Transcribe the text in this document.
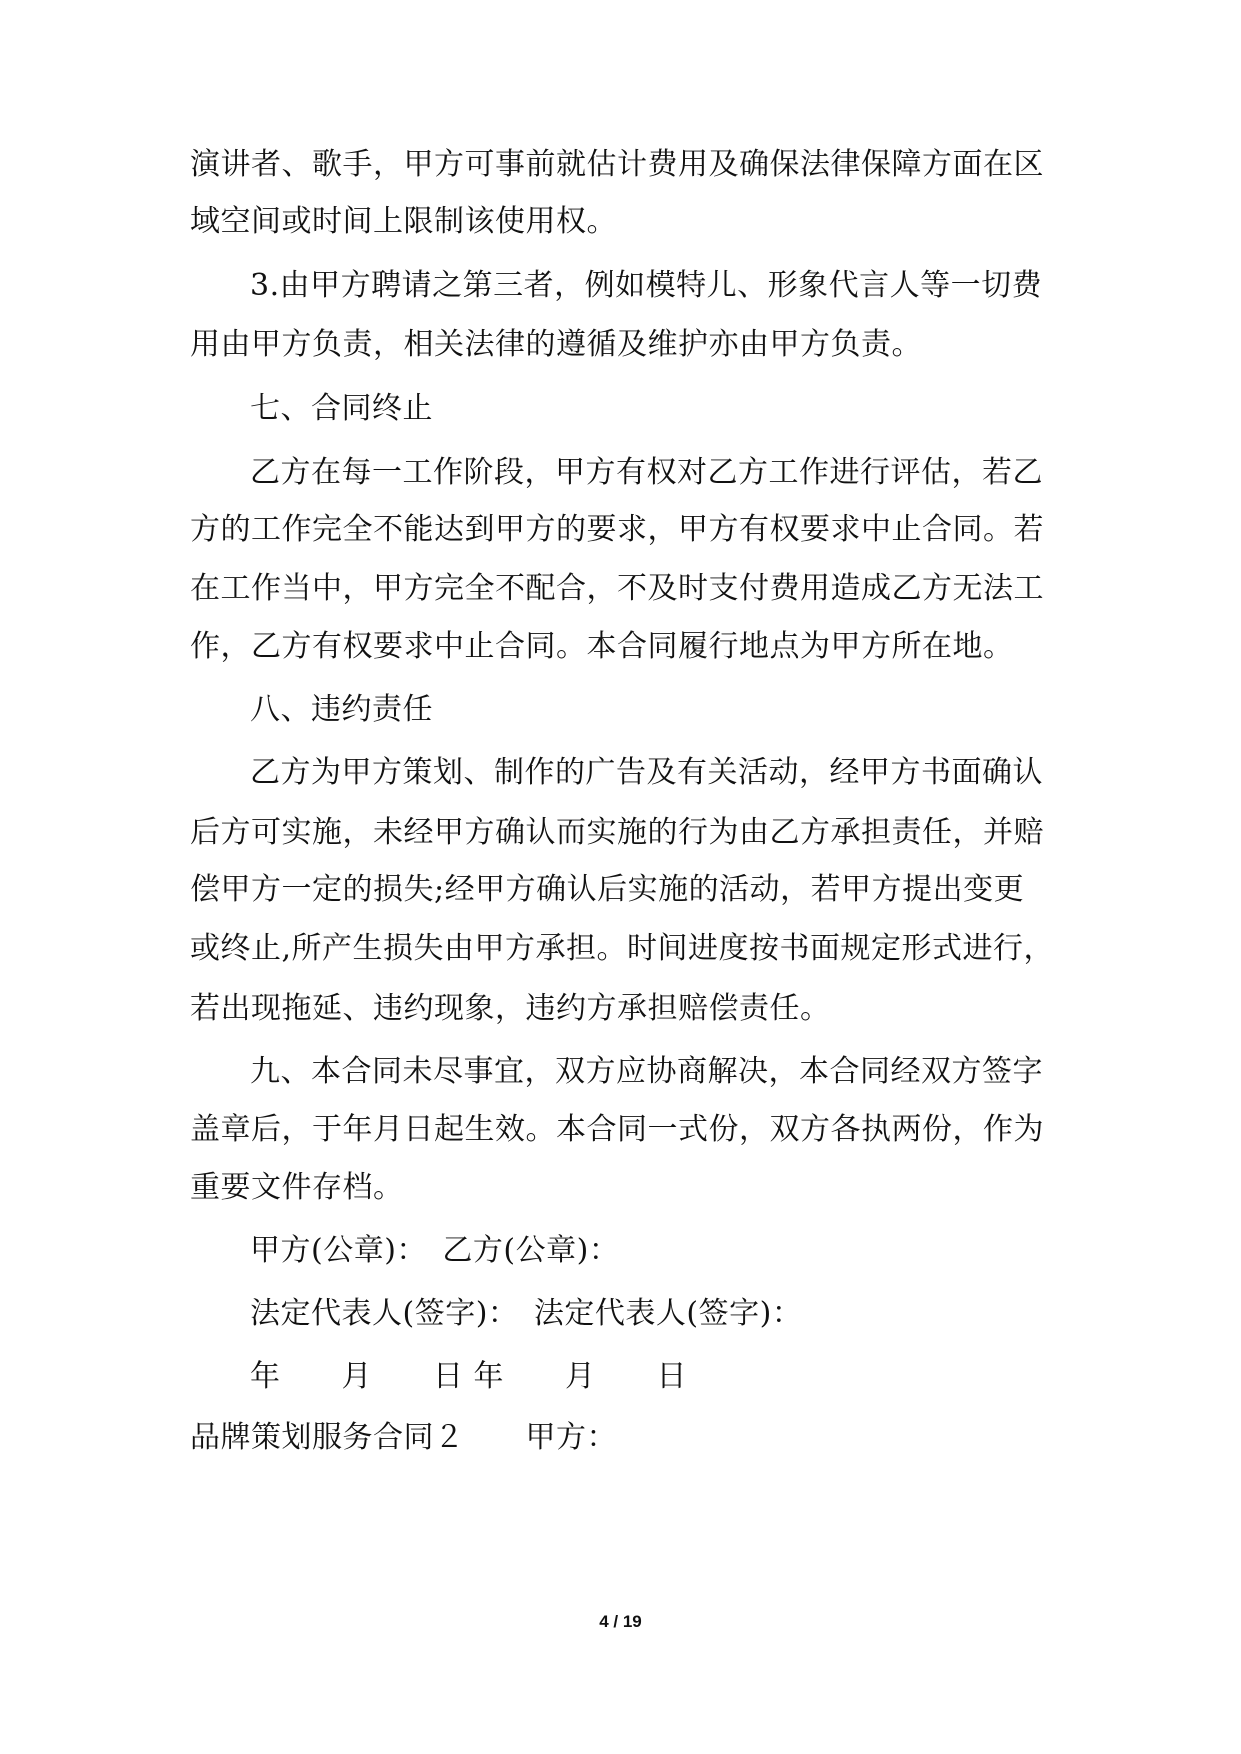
演讲者、歌手，甲方可事前就估计费用及确保法律保障方面在区
域空间或时间上限制该使用权。
3.由甲方聘请之第三者，例如模特儿、形象代言人等一切费
用由甲方负责，相关法律的遵循及维护亦由甲方负责。
七、合同终止
乙方在每一工作阶段，甲方有权对乙方工作进行评估，若乙
方的工作完全不能达到甲方的要求，甲方有权要求中止合同。若
在工作当中，甲方完全不配合，不及时支付费用造成乙方无法工
作，乙方有权要求中止合同。本合同履行地点为甲方所在地。
八、违约责任
乙方为甲方策划、制作的广告及有关活动，经甲方书面确认
后方可实施，未经甲方确认而实施的行为由乙方承担责任，并赔
偿甲方一定的损失;经甲方确认后实施的活动，若甲方提出变更
或终止,所产生损失由甲方承担。时间进度按书面规定形式进行，
若出现拖延、违约现象，违约方承担赔偿责任。
九、本合同未尽事宜，双方应协商解决，本合同经双方签字
盖章后，于年月日起生效。本合同一式份，双方各执两份，作为
重要文件存档。
甲方(公章)：　乙方(公章)：
法定代表人(签字)：　法定代表人(签字)：
年　　月　　日 年　　月　　日
品牌策划服务合同２　　甲方：
4 / 19
